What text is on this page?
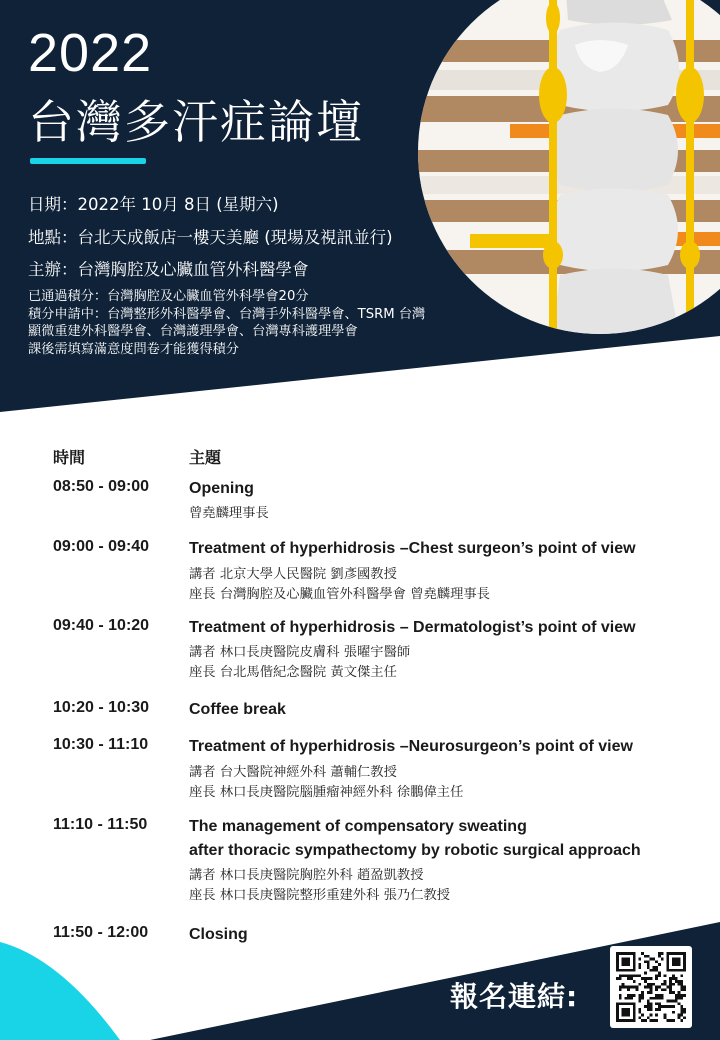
2022
台灣多汗症論壇
日期：2022年 10月 8日 (星期六)
地點：台北天成飯店一樓天美廳 (現場及視訊並行)
主辦：台灣胸腔及心臟血管外科醫學會
已通過積分：台灣胸腔及心臟血管外科學會20分
積分申請中：台灣整形外科醫學會、台灣手外科醫學會、TSRM 台灣
顯微重建外科醫學會、台灣護理學會、台灣專科護理學會
課後需填寫滿意度問卷才能獲得積分
時間	主題
08:50 - 09:00 Opening
曾堯麟理事長
09:00 - 09:40 Treatment of hyperhidrosis –Chest surgeon’s point of view
講者 北京大學人民醫院 劉彥國教授
座長 台灣胸腔及心臟血管外科醫學會 曾堯麟理事長
09:40 - 10:20 Treatment of hyperhidrosis – Dermatologist’s point of view
講者 林口長庚醫院皮膚科 張曜宇醫師
座長 台北馬偕紀念醫院 黃文傑主任
10:20 - 10:30 Coffee break
10:30 - 11:10	Treatment of hyperhidrosis –Neurosurgeon’s point of view
講者 台大醫院神經外科 蕭輔仁教授
座長 林口長庚醫院腦腫瘤神經外科 徐鵬偉主任
11:10 - 11:50	The management of compensatory sweating
after thoracic sympathectomy by robotic surgical approach
講者 林口長庚醫院胸腔外科 趙盈凱教授
座長 林口長庚醫院整形重建外科 張乃仁教授
11:50 - 12:00	Closing
報名連結:
